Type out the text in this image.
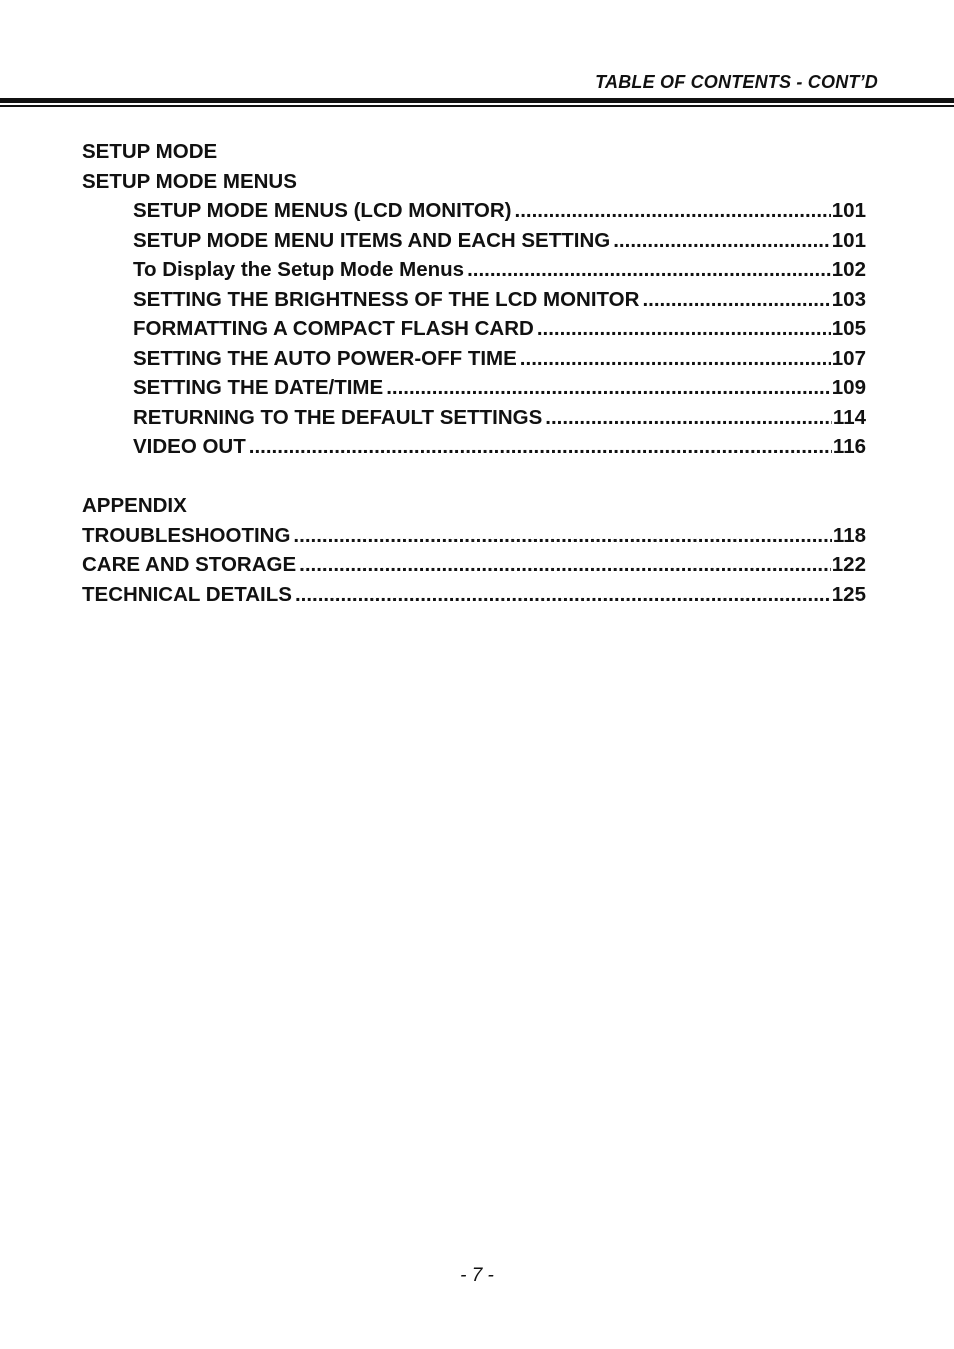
TABLE OF CONTENTS - CONT’D
SETUP MODE
SETUP MODE MENUS
SETUP MODE MENUS (LCD MONITOR) .....	101
SETUP MODE MENU ITEMS AND EACH SETTING .....	101
To Display the Setup Mode Menus .....	102
SETTING THE BRIGHTNESS OF THE LCD MONITOR .....	103
FORMATTING A COMPACT FLASH CARD .....	105
SETTING THE AUTO POWER-OFF TIME .....	107
SETTING THE DATE/TIME .....	109
RETURNING TO THE DEFAULT SETTINGS .....	114
VIDEO OUT .....	116
APPENDIX
TROUBLESHOOTING .....	118
CARE AND STORAGE .....	122
TECHNICAL DETAILS .....	125
- 7 -
